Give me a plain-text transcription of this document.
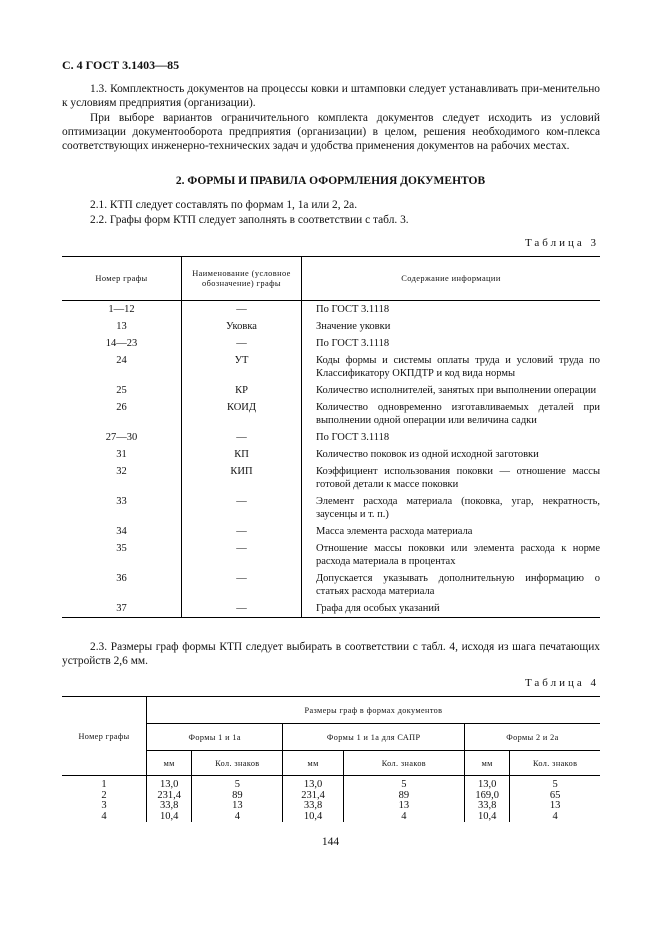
С. 4 ГОСТ 3.1403—85

1.3. Комплектность документов на процессы ковки и штамповки следует устанавливать при-менительно к условиям предприятия (организации).

При выборе вариантов ограничительного комплекта документов следует исходить из условий оптимизации документооборота предприятия (организации) в целом, решения необходимого ком-плекса соответствующих инженерно-технических задач и удобства применения документов на рабочих местах.

2. ФОРМЫ И ПРАВИЛА ОФОРМЛЕНИЯ ДОКУМЕНТОВ
2.1. КТП следует составлять по формам 1, 1а или 2, 2а.
2.2. Графы форм КТП следует заполнять в соответствии с табл. 3.
Таблица 3
Номер графы	Наименование (условное обозначение) графы	Содержание информации
1—12	—	По ГОСТ 3.1118
13	Уковка	Значение уковки
14—23	—	По ГОСТ 3.1118
24	УТ	Коды формы и системы оплаты труда и условий труда по Классификатору ОКПДТР и код вида нормы
25	КР	Количество исполнителей, занятых при выполнении операции
26	КОИД	Количество одновременно изготавливаемых деталей при выполнении одной операции или величина садки
27—30	—	По ГОСТ 3.1118
31	КП	Количество поковок из одной исходной заготовки
32	КИП	Коэффициент использования поковки — отношение массы готовой детали к массе поковки
33	—	Элемент расхода материала (поковка, угар, некратность, заусенцы и т. п.)
34	—	Масса элемента расхода материала
35	—	Отношение массы поковки или элемента расхода к норме расхода материала в процентах
36	—	Допускается указывать дополнительную информацию о статьях расхода материала
37	—	Графа для особых указаний

2.3. Размеры граф формы КТП следует выбирать в соответствии с табл. 4, исходя из шага печатающих устройств 2,6 мм.

Таблица 4
Номер графы	Размеры граф в формах документов					
	Формы 1 и 1а		Формы 1 и 1а для САПР		Формы 2 и 2а	
	мм	Кол. знаков	мм	Кол. знаков	мм	Кол. знаков
1	13,0	5	13,0	5	13,0	5
2	231,4	89	231,4	89	169,0	65
3	33,8	13	33,8	13	33,8	13
4	10,4	4	10,4	4	10,4	4
144
